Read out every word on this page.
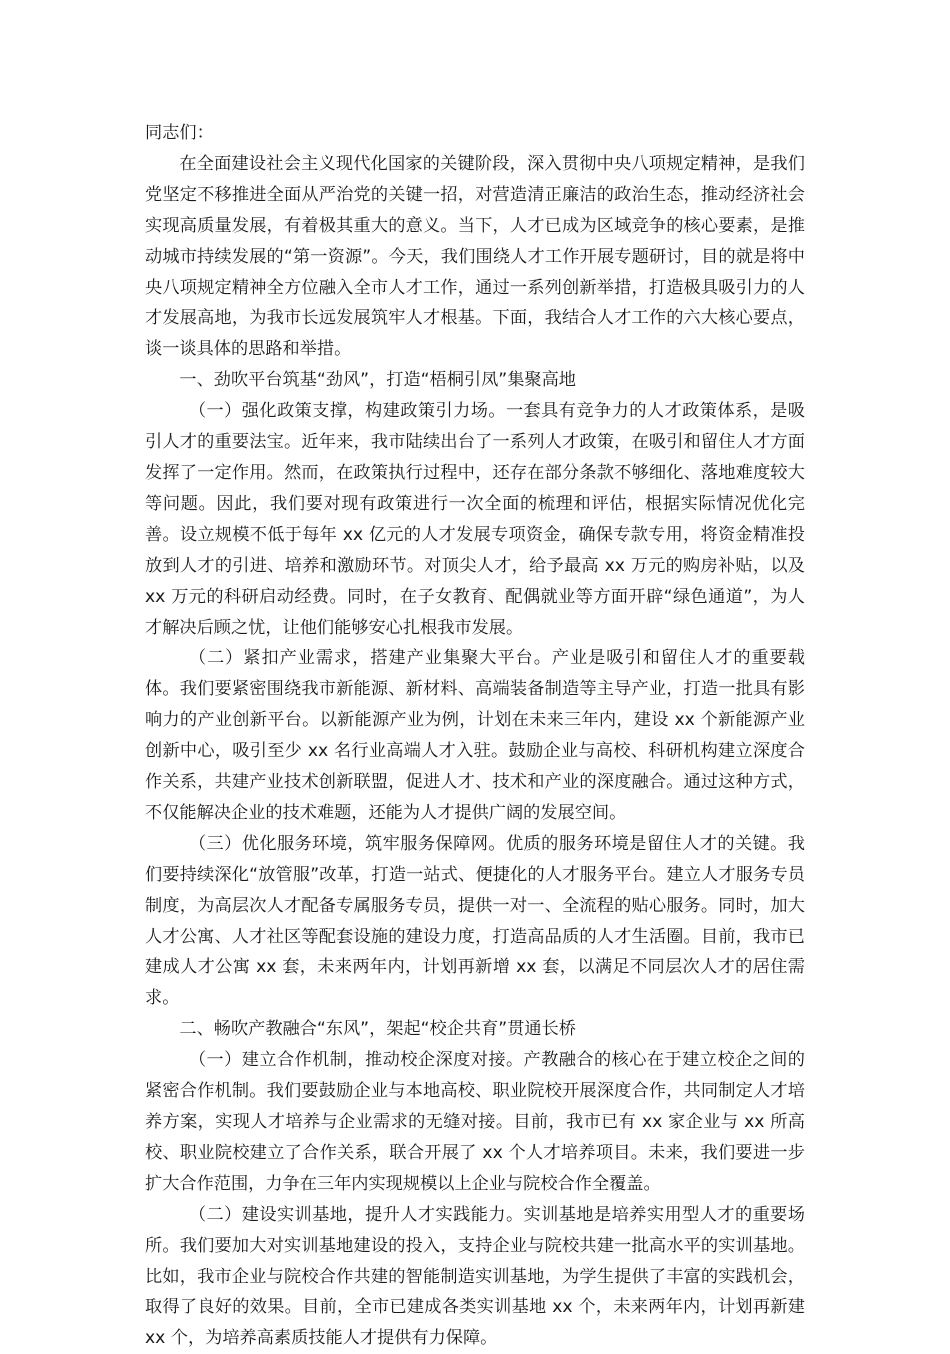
同志们：

在全面建设社会主义现代化国家的关键阶段，深入贯彻中央八项规定精神，是我们党坚定不移推进全面从严治党的关键一招，对营造清正廉洁的政治生态，推动经济社会实现高质量发展，有着极其重大的意义。当下，人才已成为区域竞争的核心要素，是推动城市持续发展的“第一资源”。今天，我们围绕人才工作开展专题研讨，目的就是将中央八项规定精神全方位融入全市人才工作，通过一系列创新举措，打造极具吸引力的人才发展高地，为我市长远发展筑牢人才根基。下面，我结合人才工作的六大核心要点，谈一谈具体的思路和举措。

一、劲吹平台筑基“劲风”，打造“梧桐引凤”集聚高地

（一）强化政策支撑，构建政策引力场。一套具有竞争力的人才政策体系，是吸引人才的重要法宝。近年来，我市陆续出台了一系列人才政策，在吸引和留住人才方面发挥了一定作用。然而，在政策执行过程中，还存在部分条款不够细化、落地难度较大等问题。因此，我们要对现有政策进行一次全面的梳理和评估，根据实际情况优化完善。设立规模不低于每年 xx 亿元的人才发展专项资金，确保专款专用，将资金精准投放到人才的引进、培养和激励环节。对顶尖人才，给予最高 xx 万元的购房补贴，以及 xx 万元的科研启动经费。同时，在子女教育、配偶就业等方面开辟“绿色通道”，为人才解决后顾之忧，让他们能够安心扎根我市发展。

（二）紧扣产业需求，搭建产业集聚大平台。产业是吸引和留住人才的重要载体。我们要紧密围绕我市新能源、新材料、高端装备制造等主导产业，打造一批具有影响力的产业创新平台。以新能源产业为例，计划在未来三年内，建设 xx 个新能源产业创新中心，吸引至少 xx 名行业高端人才入驻。鼓励企业与高校、科研机构建立深度合作关系，共建产业技术创新联盟，促进人才、技术和产业的深度融合。通过这种方式，不仅能解决企业的技术难题，还能为人才提供广阔的发展空间。

（三）优化服务环境，筑牢服务保障网。优质的服务环境是留住人才的关键。我们要持续深化“放管服”改革，打造一站式、便捷化的人才服务平台。建立人才服务专员制度，为高层次人才配备专属服务专员，提供一对一、全流程的贴心服务。同时，加大人才公寓、人才社区等配套设施的建设力度，打造高品质的人才生活圈。目前，我市已建成人才公寓 xx 套，未来两年内，计划再新增 xx 套，以满足不同层次人才的居住需求。

二、畅吹产教融合“东风”，架起“校企共育”贯通长桥

（一）建立合作机制，推动校企深度对接。产教融合的核心在于建立校企之间的紧密合作机制。我们要鼓励企业与本地高校、职业院校开展深度合作，共同制定人才培养方案，实现人才培养与企业需求的无缝对接。目前，我市已有 xx 家企业与 xx 所高校、职业院校建立了合作关系，联合开展了 xx 个人才培养项目。未来，我们要进一步扩大合作范围，力争在三年内实现规模以上企业与院校合作全覆盖。

（二）建设实训基地，提升人才实践能力。实训基地是培养实用型人才的重要场所。我们要加大对实训基地建设的投入，支持企业与院校共建一批高水平的实训基地。比如，我市企业与院校合作共建的智能制造实训基地，为学生提供了丰富的实践机会，取得了良好的效果。目前，全市已建成各类实训基地 xx 个，未来两年内，计划再新建 xx 个，为培养高素质技能人才提供有力保障。
